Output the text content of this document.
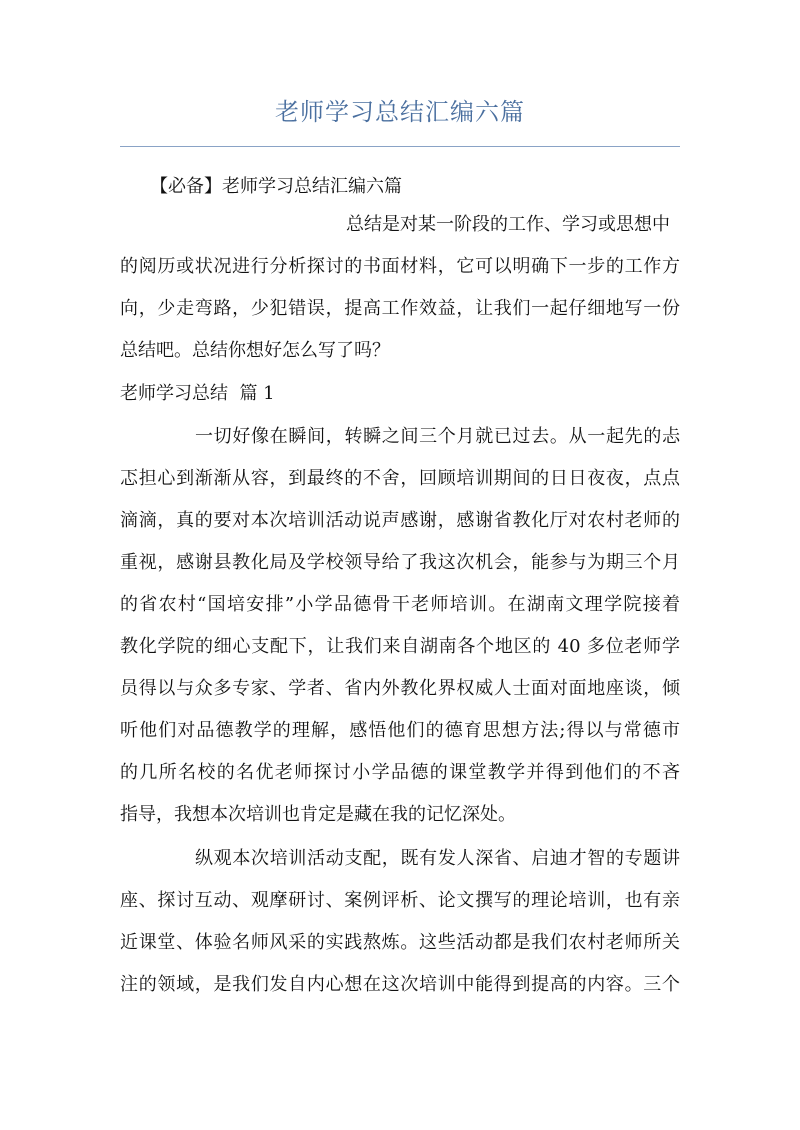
老师学习总结汇编六篇
【必备】老师学习总结汇编六篇
总结是对某一阶段的工作、学习或思想中
的阅历或状况进行分析探讨的书面材料，它可以明确下一步的工作方
向，少走弯路，少犯错误，提高工作效益，让我们一起仔细地写一份
总结吧。总结你想好怎么写了吗？
老师学习总结  篇 1
一切好像在瞬间，转瞬之间三个月就已过去。从一起先的忐
忑担心到渐渐从容，到最终的不舍，回顾培训期间的日日夜夜，点点
滴滴，真的要对本次培训活动说声感谢，感谢省教化厅对农村老师的
重视，感谢县教化局及学校领导给了我这次机会，能参与为期三个月
的省农村“国培安排”小学品德骨干老师培训。在湖南文理学院接着
教化学院的细心支配下，让我们来自湖南各个地区的 40 多位老师学
员得以与众多专家、学者、省内外教化界权威人士面对面地座谈，倾
听他们对品德教学的理解，感悟他们的德育思想方法;得以与常德市
的几所名校的名优老师探讨小学品德的课堂教学并得到他们的不吝
指导，我想本次培训也肯定是藏在我的记忆深处。
纵观本次培训活动支配，既有发人深省、启迪才智的专题讲
座、探讨互动、观摩研讨、案例评析、论文撰写的理论培训，也有亲
近课堂、体验名师风采的实践熬炼。这些活动都是我们农村老师所关
注的领域，是我们发自内心想在这次培训中能得到提高的内容。三个
